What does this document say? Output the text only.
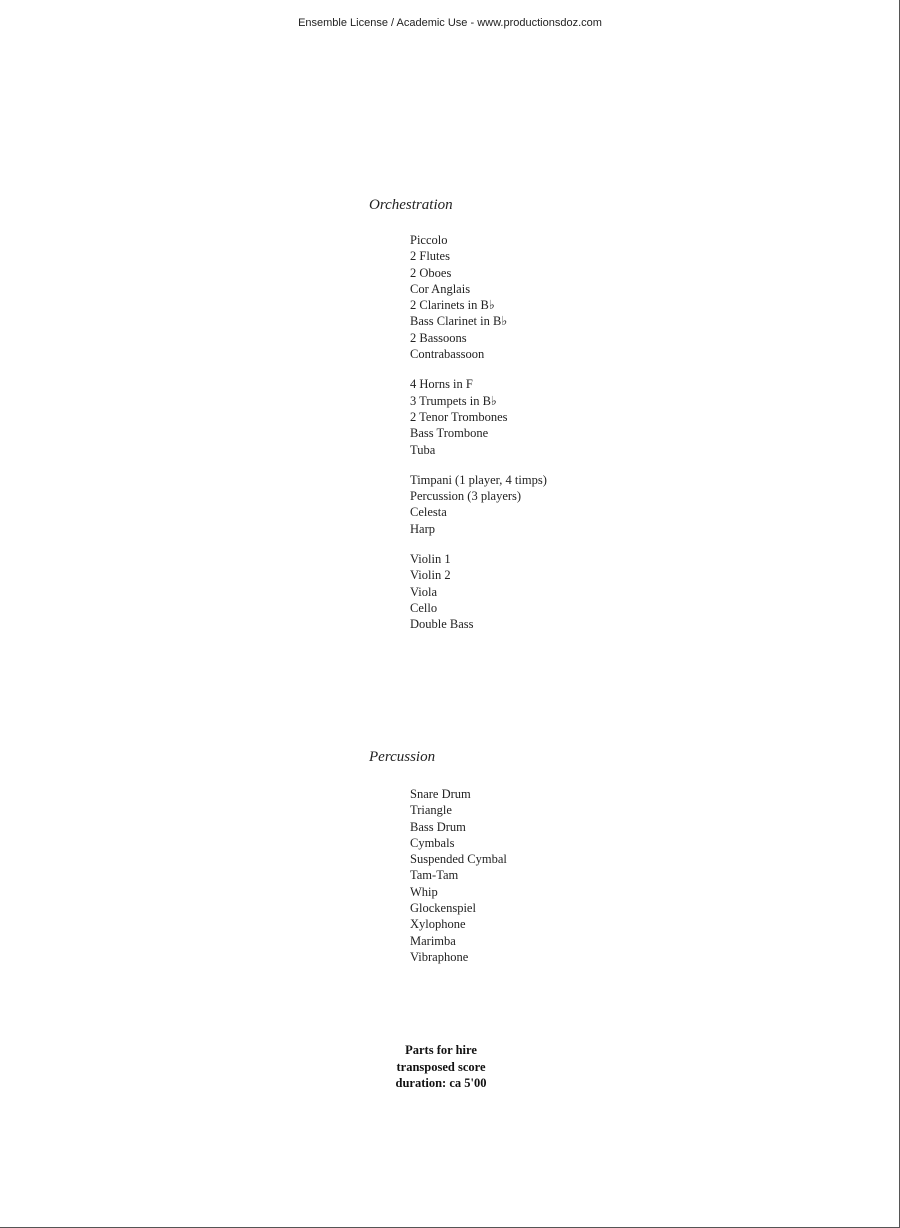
Ensemble License / Academic Use - www.productionsdoz.com
Orchestration
Piccolo
2 Flutes
2 Oboes
Cor Anglais
2 Clarinets in B♭
Bass Clarinet in B♭
2 Bassoons
Contrabassoon
4 Horns in F
3 Trumpets in B♭
2 Tenor Trombones
Bass Trombone
Tuba
Timpani (1 player, 4 timps)
Percussion (3 players)
Celesta
Harp
Violin 1
Violin 2
Viola
Cello
Double Bass
Percussion
Snare Drum
Triangle
Bass Drum
Cymbals
Suspended Cymbal
Tam-Tam
Whip
Glockenspiel
Xylophone
Marimba
Vibraphone
Parts for hire
transposed score
duration: ca 5'00
